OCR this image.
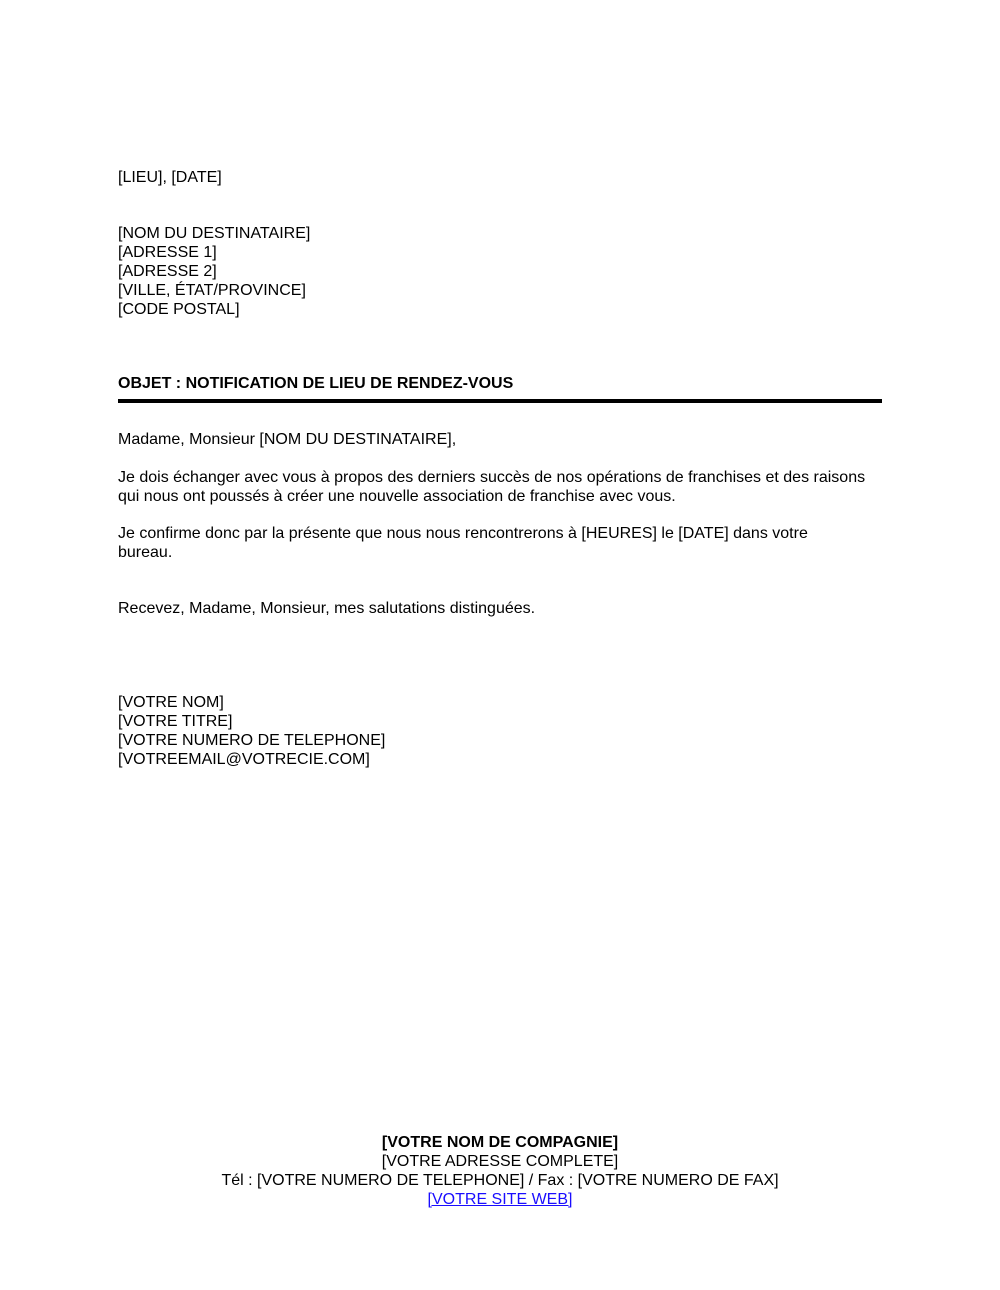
[LIEU], [DATE]
[NOM DU DESTINATAIRE]
[ADRESSE 1]
[ADRESSE 2]
[VILLE, ÉTAT/PROVINCE]
[CODE POSTAL]
OBJET : NOTIFICATION DE LIEU DE RENDEZ-VOUS
Madame, Monsieur [NOM DU DESTINATAIRE],
Je dois échanger avec vous à propos des derniers succès de nos opérations de franchises et des raisons
qui nous ont poussés à créer une nouvelle association de franchise avec vous.
Je confirme donc par la présente que nous nous rencontrerons à [HEURES] le [DATE] dans votre
bureau.
Recevez, Madame, Monsieur, mes salutations distinguées.
[VOTRE NOM]
[VOTRE TITRE]
[VOTRE NUMERO DE TELEPHONE]
[VOTREEMAIL@VOTRECIE.COM]
[VOTRE NOM DE COMPAGNIE]
[VOTRE ADRESSE COMPLETE]
Tél : [VOTRE NUMERO DE TELEPHONE] / Fax : [VOTRE NUMERO DE FAX]
[VOTRE SITE WEB]
